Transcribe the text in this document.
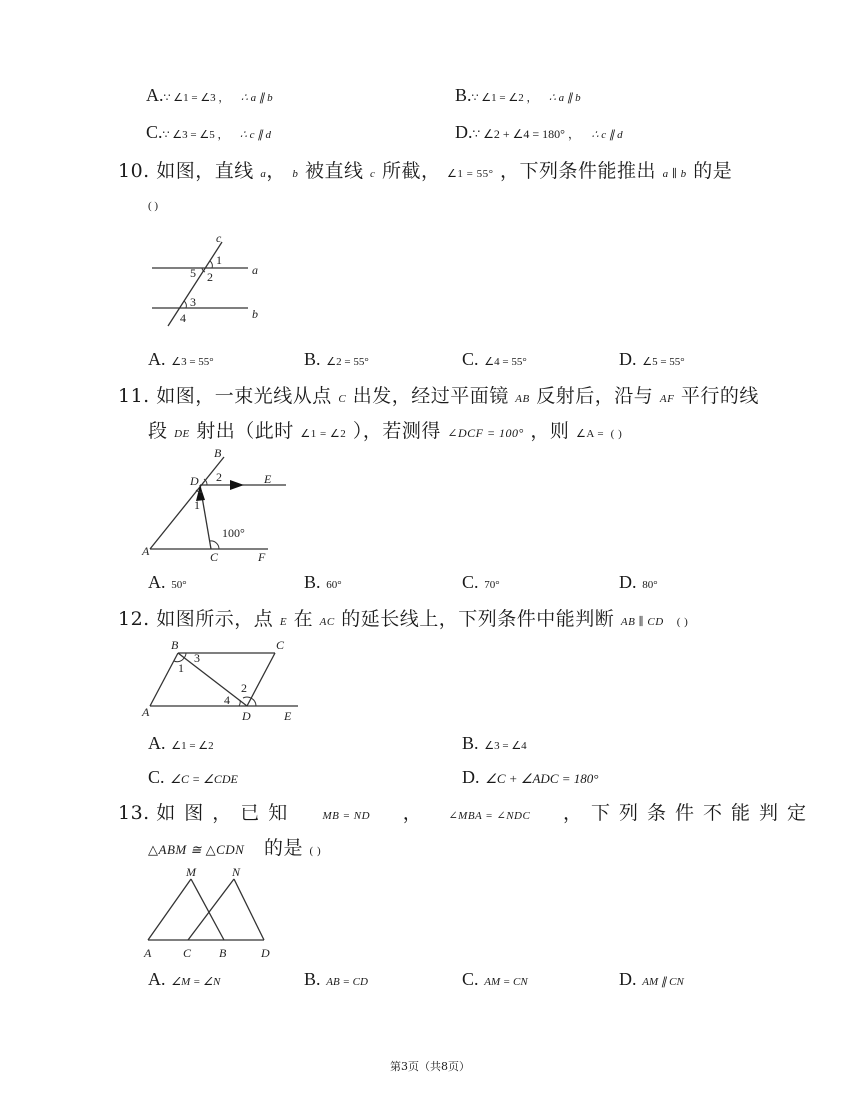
A.∵ ∠1 = ∠3 ， ∴ a ∥ b	B.∵ ∠1 = ∠2 ， ∴ a ∥ b
C.∵ ∠3 = ∠5 ， ∴ c ∥ d	D.∵ ∠2 + ∠4 = 180° ， ∴ c ∥ d
10. 如图，直线 a， b 被直线 c 所截， ∠1 = 55° ，下列条件能推出 a ∥ b 的是
( )
c
a
b
1
2
3
4
5
A. ∠3 = 55°	B. ∠2 = 55°	C. ∠4 = 55°	D. ∠5 = 55°
11. 如图，一束光线从点 C 出发，经过平面镜 AB 反射后，沿与 AF 平行的线
段 DE 射出（此时 ∠1 = ∠2 ），若测得 ∠DCF = 100° ，则 ∠A = ( )
B
D	E
2
1
100°
A	C	F
A. 50°	B. 60°	C. 70°	D. 80°
12. 如图所示，点 E 在 AC 的延长线上，下列条件中能判断 AB ∥ CD ( )
B	C
3
1
2
4
A	D	E
A. ∠1 = ∠2	B. ∠3 = ∠4
C. ∠C = ∠CDE	D. ∠C + ∠ADC = 180°
13. 如图，已知 MB = ND ， ∠MBA = ∠NDC ，下列条件不能判定
△ABM ≅ △CDN 的是 ( )
M	N
A	C B	D
A. ∠M = ∠N	B. AB = CD	C. AM = CN	D. AM ∥ CN
第3页（共8页）
